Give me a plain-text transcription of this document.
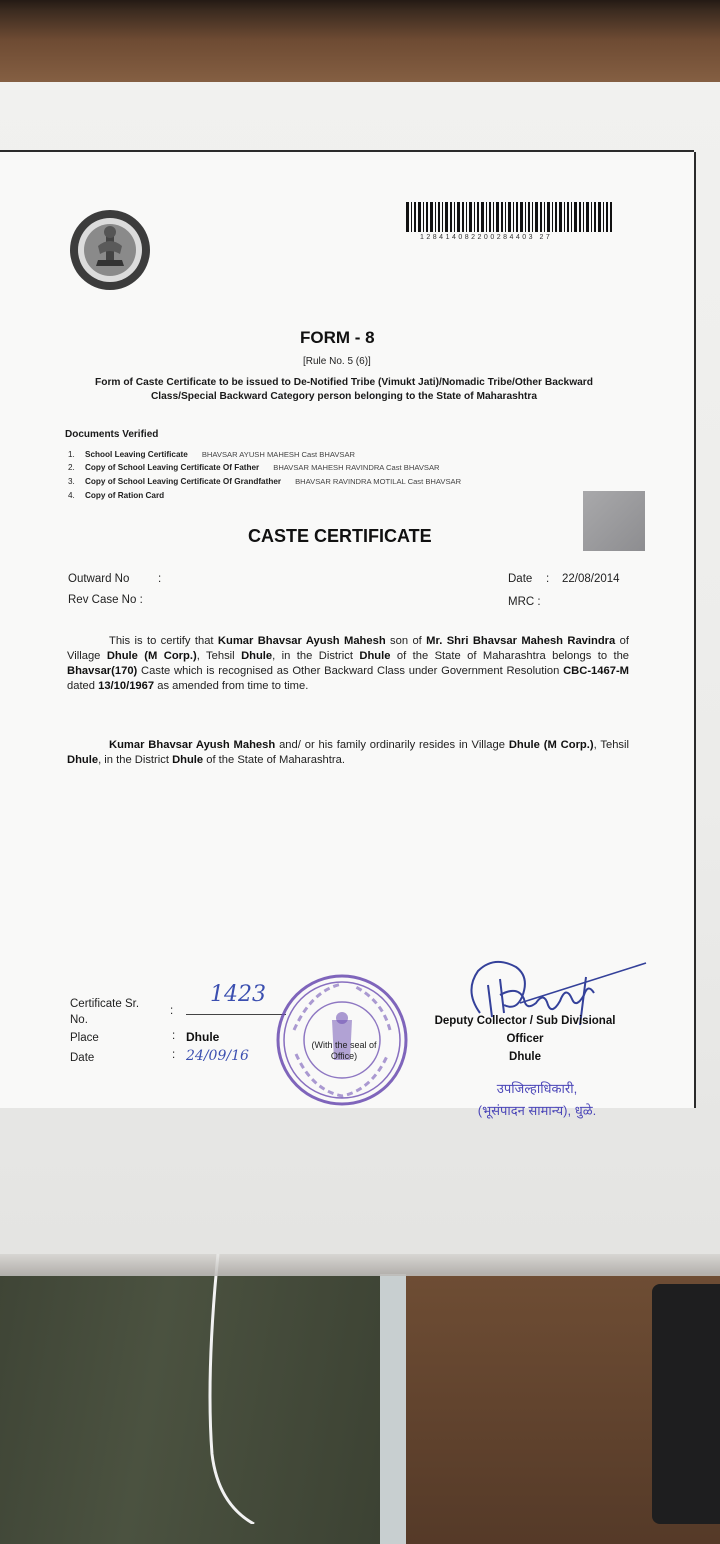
128414082200284403 27
FORM - 8
[Rule No. 5 (6)]
Form of Caste Certificate to be issued to De-Notified Tribe (Vimukt Jati)/Nomadic Tribe/Other Backward Class/Special Backward Category person belonging to the State of Maharashtra
Documents Verified
1. School Leaving Certificate BHAVSAR AYUSH MAHESH Cast BHAVSAR
2. Copy of School Leaving Certificate Of Father BHAVSAR MAHESH RAVINDRA Cast BHAVSAR
3. Copy of School Leaving Certificate Of Grandfather BHAVSAR RAVINDRA MOTILAL Cast BHAVSAR
4. Copy of Ration Card
CASTE CERTIFICATE
Outward No :
Rev Case No :
Date : 22/08/2014
MRC :
This is to certify that Kumar Bhavsar Ayush Mahesh son of Mr. Shri Bhavsar Mahesh Ravindra of Village Dhule (M Corp.), Tehsil Dhule, in the District Dhule of the State of Maharashtra belongs to the Bhavsar(170) Caste which is recognised as Other Backward Class under Government Resolution CBC-1467-M dated 13/10/1967 as amended from time to time.
Kumar Bhavsar Ayush Mahesh and/ or his family ordinarily resides in Village Dhule (M Corp.), Tehsil Dhule, in the District Dhule of the State of Maharashtra.
Certificate Sr.
No.
:
Place	: Dhule
Date	:
1423
24/09/16
(With the seal of Office)
Deputy Collector / Sub Divisional
Officer
Dhule
उपजिल्हाधिकारी,
(भूसंपादन सामान्य), धुळे.
